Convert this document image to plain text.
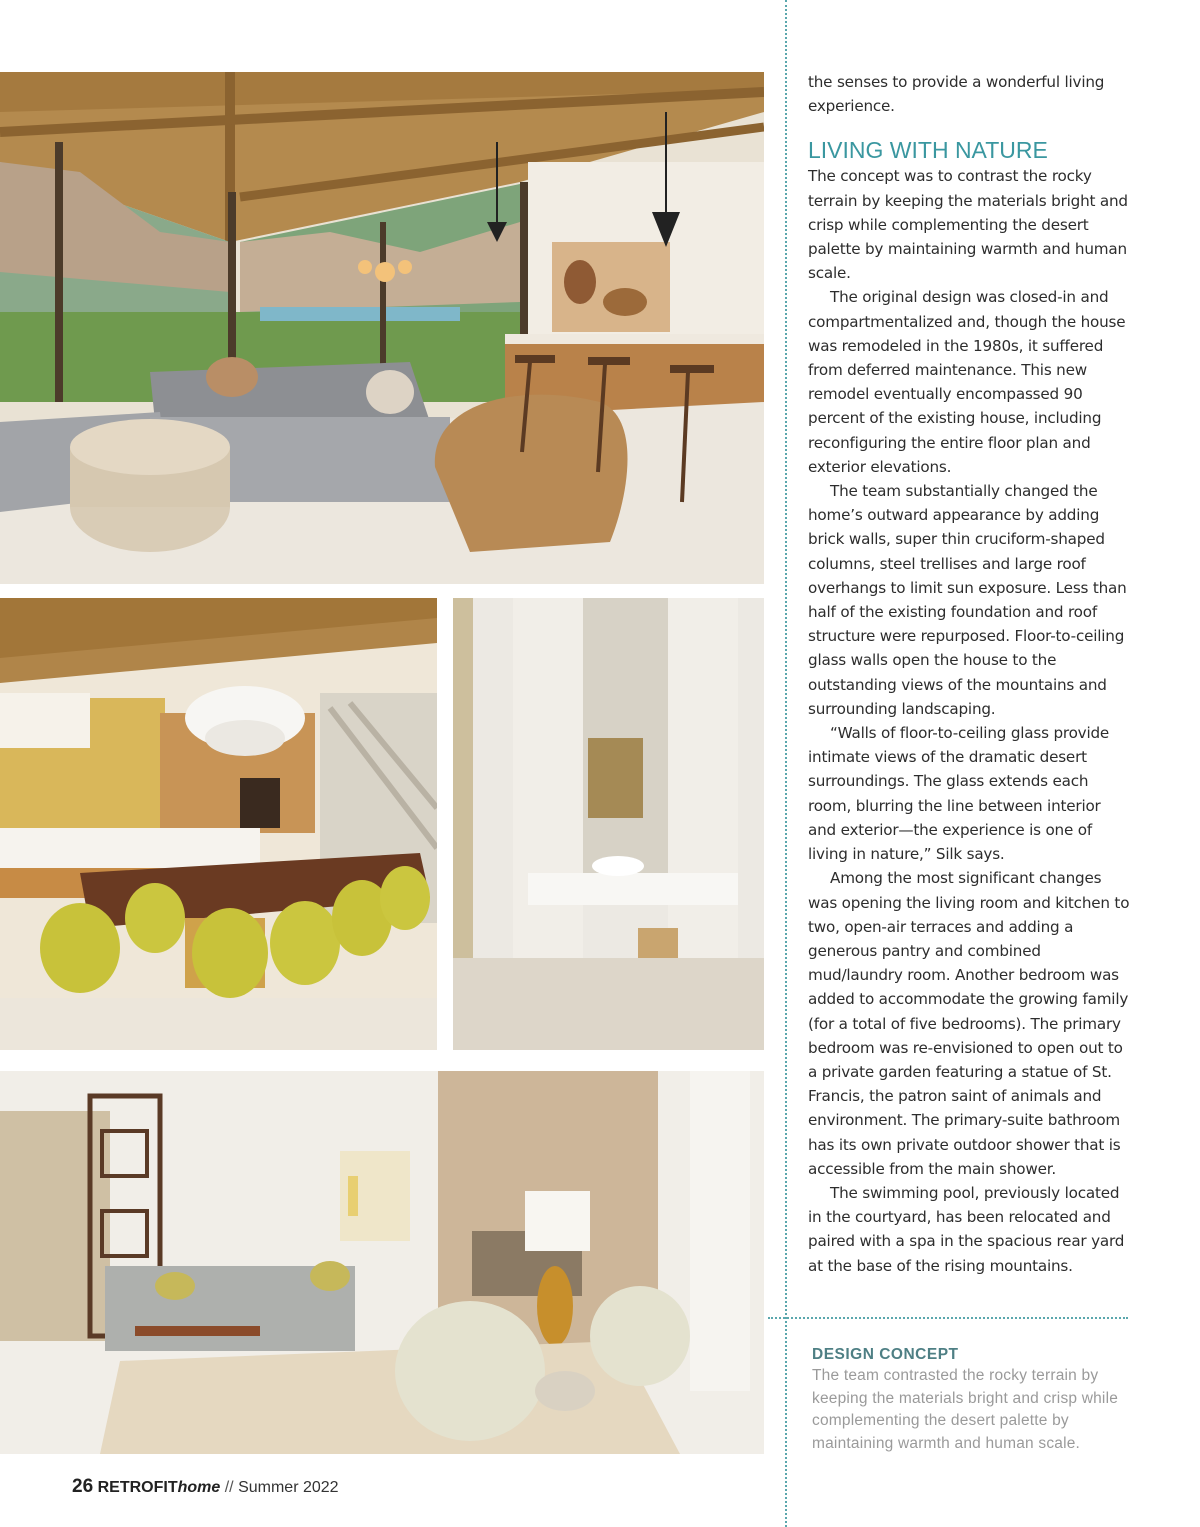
the senses to provide a wonderful living experience.

LIVING WITH NATURE

The concept was to contrast the rocky terrain by keeping the materials bright and crisp while complementing the desert palette by maintaining warmth and human scale.

The original design was closed-in and compartmentalized and, though the house was remodeled in the 1980s, it suffered from deferred maintenance. This new remodel eventually encompassed 90 percent of the existing house, including reconfiguring the entire floor plan and exterior elevations.

The team substantially changed the home’s outward appearance by adding brick walls, super thin cruciform-shaped columns, steel trellises and large roof overhangs to limit sun exposure. Less than half of the existing foundation and roof structure were repurposed. Floor-to-ceiling glass walls open the house to the outstanding views of the mountains and surrounding landscaping.

“Walls of floor-to-ceiling glass provide intimate views of the dramatic desert surroundings. The glass extends each room, blurring the line between interior and exterior—the experience is one of living in nature,” Silk says.

Among the most significant changes was opening the living room and kitchen to two, open-air terraces and adding a generous pantry and combined mud/laundry room. Another bedroom was added to accommodate the growing family (for a total of five bedrooms). The primary bedroom was re-envisioned to open out to a private garden featuring a statue of St. Francis, the patron saint of animals and environment. The primary-suite bathroom has its own private outdoor shower that is accessible from the main shower.

The swimming pool, previously located in the courtyard, has been relocated and paired with a spa in the spacious rear yard at the base of the rising mountains.

DESIGN CONCEPT

The team contrasted the rocky terrain by keeping the materials bright and crisp while complementing the desert palette by maintaining warmth and human scale.

26 RETROFIThome // Summer 2022
